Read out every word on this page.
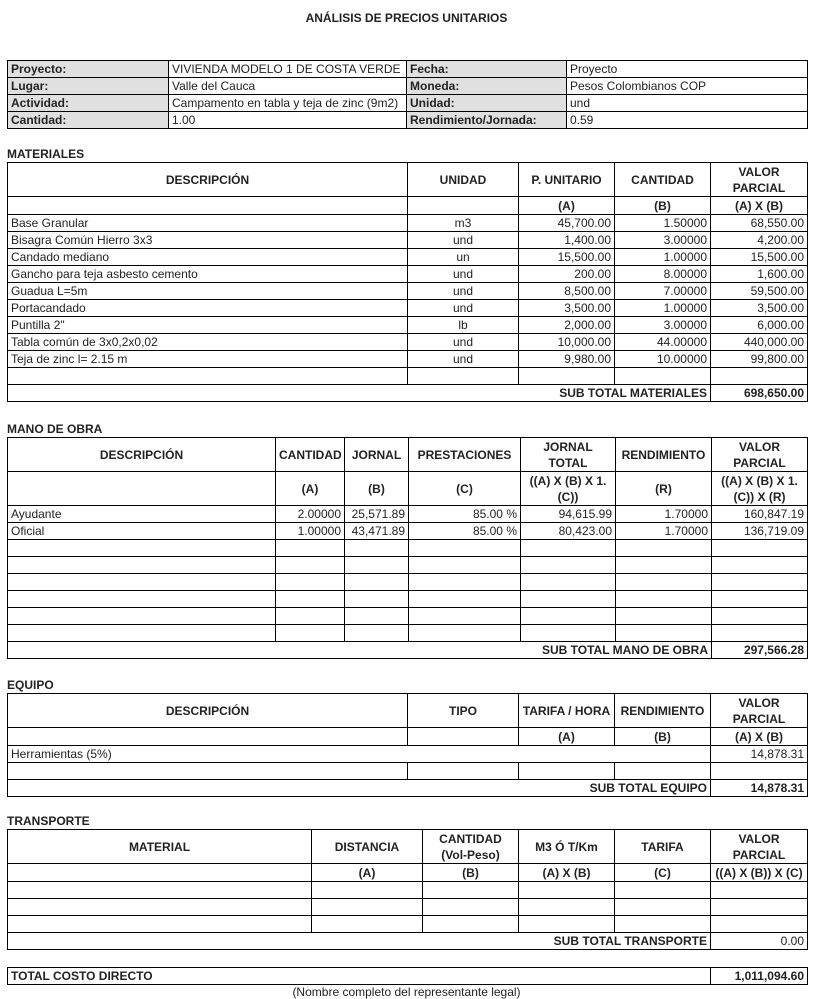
ANÁLISIS DE PRECIOS UNITARIOS
Proyecto:	VIVIENDA MODELO 1 DE COSTA VERDE	Fecha:	Proyecto
Lugar:	Valle del Cauca	Moneda:	Pesos Colombianos COP
Actividad:	Campamento en tabla y teja de zinc (9m2)	Unidad:	und
Cantidad:	1.00	Rendimiento/Jornada:	0.59
MATERIALES
DESCRIPCIÓN	UNIDAD	P. UNITARIO	CANTIDAD	VALOR PARCIAL
		(A)	(B)	(A) X (B)
Base Granular	m3	45,700.00	1.50000	68,550.00
Bisagra Común Hierro 3x3	und	1,400.00	3.00000	4,200.00
Candado mediano	un	15,500.00	1.00000	15,500.00
Gancho para teja asbesto cemento	und	200.00	8.00000	1,600.00
Guadua L=5m	und	8,500.00	7.00000	59,500.00
Portacandado	und	3,500.00	1.00000	3,500.00
Puntilla 2"	lb	2,000.00	3.00000	6,000.00
Tabla común de 3x0,2x0,02	und	10,000.00	44.00000	440,000.00
Teja de zinc l= 2.15 m	und	9,980.00	10.00000	99,800.00

SUB TOTAL MATERIALES				698,650.00
MANO DE OBRA
DESCRIPCIÓN	CANTIDAD	JORNAL	PRESTACIONES	JORNAL TOTAL	RENDIMIENTO	VALOR PARCIAL
	(A)	(B)	(C)	((A) X (B) X 1.(C))	(R)	((A) X (B) X 1.(C)) X (R)
Ayudante	2.00000	25,571.89	85.00 %	94,615.99	1.70000	160,847.19
Oficial	1.00000	43,471.89	85.00 %	80,423.00	1.70000	136,719.09

SUB TOTAL MANO DE OBRA						297,566.28
EQUIPO
DESCRIPCIÓN	TIPO	TARIFA / HORA	RENDIMIENTO	VALOR PARCIAL
		(A)	(B)	(A) X (B)
Herramientas (5%)				14,878.31

SUB TOTAL EQUIPO				14,878.31
TRANSPORTE
MATERIAL	DISTANCIA	CANTIDAD (Vol-Peso)	M3 Ó T/Km	TARIFA	VALOR PARCIAL
	(A)	(B)	(A) X (B)	(C)	((A) X (B)) X (C)

SUB TOTAL TRANSPORTE					0.00
TOTAL COSTO DIRECTO	1,011,094.60
(Nombre completo del representante legal)
